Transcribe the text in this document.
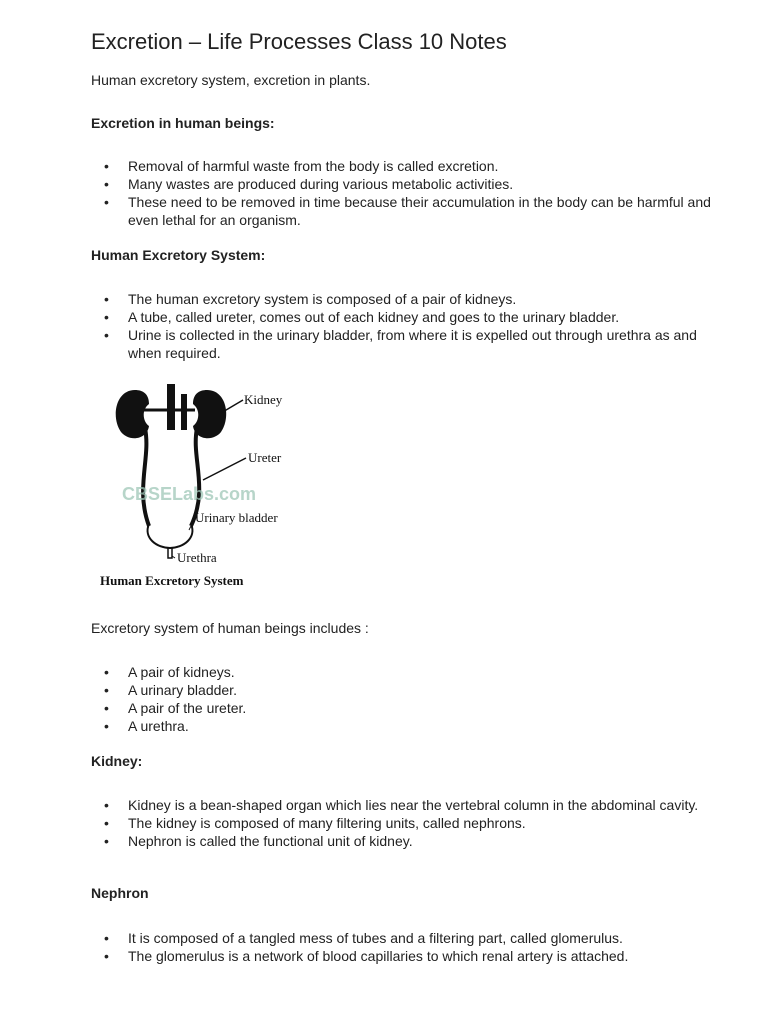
Excretion – Life Processes Class 10 Notes
Human excretory system, excretion in plants.
Excretion in human beings:
• Removal of harmful waste from the body is called excretion.
• Many wastes are produced during various metabolic activities.
• These need to be removed in time because their accumulation in the body can be harmful and even lethal for an organism.
Human Excretory System:
• The human excretory system is composed of a pair of kidneys.
• A tube, called ureter, comes out of each kidney and goes to the urinary bladder.
• Urine is collected in the urinary bladder, from where it is expelled out through urethra as and when required.
Excretory system of human beings includes :
• A pair of kidneys.
• A urinary bladder.
• A pair of the ureter.
• A urethra.
Kidney:
• Kidney is a bean-shaped organ which lies near the vertebral column in the abdominal cavity.
• The kidney is composed of many filtering units, called nephrons.
• Nephron is called the functional unit of kidney.
Nephron
• It is composed of a tangled mess of tubes and a filtering part, called glomerulus.
• The glomerulus is a network of blood capillaries to which renal artery is attached.
CBSELabs.com
Kidney
Ureter
Urinary bladder
Urethra
Human Excretory System
